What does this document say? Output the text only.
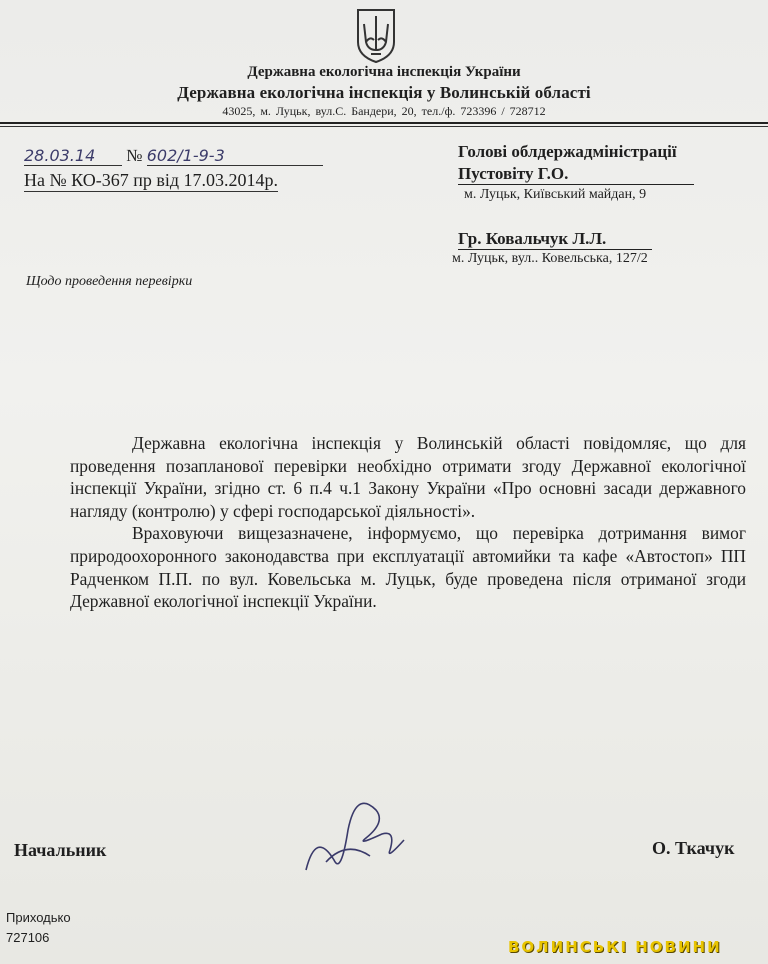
Державна екологічна інспекція України
Державна екологічна інспекція у Волинській області
43025, м. Луцьк, вул.С. Бандери, 20, тел./ф. 723396 / 728712
28.03.14 № 602/1-9-3
На № КО-367 пр від 17.03.2014р.
Голові облдержадміністрації
Пустовіту Г.О.
м. Луцьк, Київський майдан, 9
Гр. Ковальчук Л.Л.
м. Луцьк, вул.. Ковельська, 127/2
Щодо проведення перевірки

Державна екологічна інспекція у Волинській області повідомляє, що для проведення позапланової перевірки необхідно отримати згоду Державної екологічної інспекції України, згідно ст. 6 п.4 ч.1 Закону України «Про основні засади державного нагляду (контролю) у сфері господарської діяльності».

Враховуючи вищезазначене, інформуємо, що перевірка дотримання вимог природоохоронного законодавства при експлуатації автомийки та кафе «Автостоп» ПП Радченком П.П. по вул. Ковельська м. Луцьк, буде проведена після отриманої згоди Державної екологічної інспекції України.

Начальник	О. Ткачук
Приходько
727106
ВОЛИНСЬКІ НОВИНИ
